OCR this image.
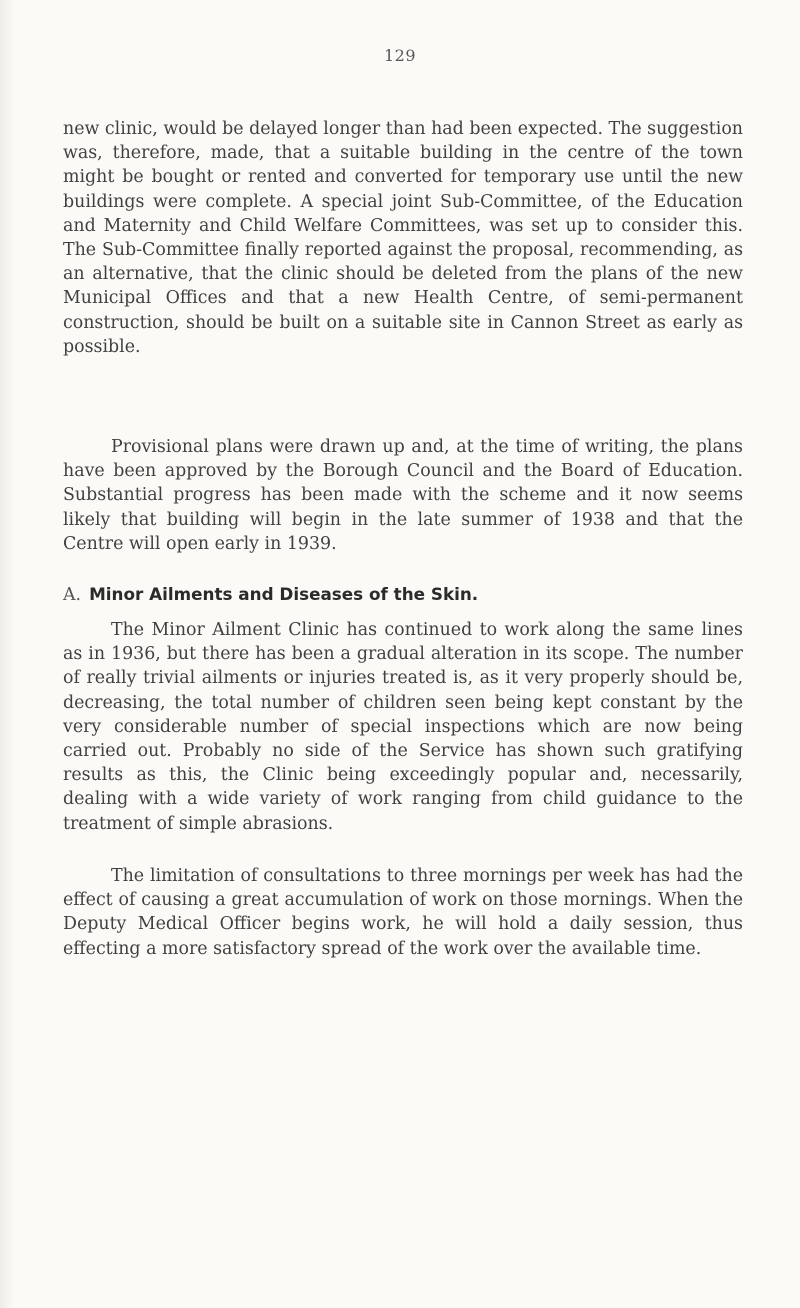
129

new clinic, would be delayed longer than had been expected. The suggestion was, therefore, made, that a suitable building in the centre of the town might be bought or rented and converted for temporary use until the new buildings were complete. A special joint Sub-Committee, of the Education and Maternity and Child Welfare Committees, was set up to consider this. The Sub-Committee finally reported against the proposal, recommending, as an alternative, that the clinic should be deleted from the plans of the new Municipal Offices and that a new Health Centre, of semi-permanent construction, should be built on a suitable site in Cannon Street as early as possible.

Provisional plans were drawn up and, at the time of writing, the plans have been approved by the Borough Council and the Board of Education. Substantial progress has been made with the scheme and it now seems likely that building will begin in the late summer of 1938 and that the Centre will open early in 1939.

A. Minor Ailments and Diseases of the Skin.

The Minor Ailment Clinic has continued to work along the same lines as in 1936, but there has been a gradual alteration in its scope. The number of really trivial ailments or injuries treated is, as it very properly should be, decreasing, the total number of children seen being kept constant by the very considerable number of special inspections which are now being carried out. Probably no side of the Service has shown such gratifying results as this, the Clinic being exceedingly popular and, necessarily, dealing with a wide variety of work ranging from child guidance to the treatment of simple abrasions.

The limitation of consultations to three mornings per week has had the effect of causing a great accumulation of work on those mornings. When the Deputy Medical Officer begins work, he will hold a daily session, thus effecting a more satisfactory spread of the work over the available time.
